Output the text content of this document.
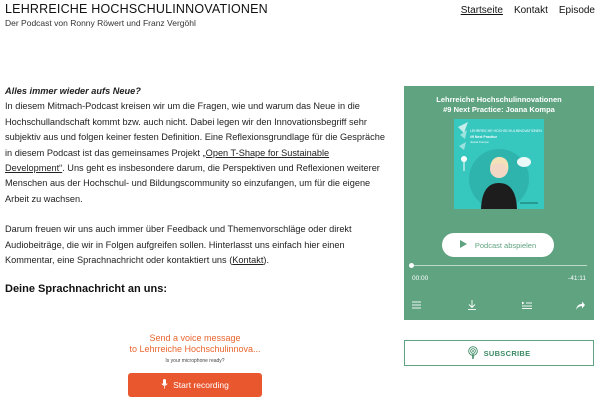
LEHRREICHE HOCHSCHULINNOVATIONEN
Der Podcast von Ronny Röwert und Franz Vergöhl
Startseite Kontakt Episode
Alles immer wieder aufs Neue?

In diesem Mitmach-Podcast kreisen wir um die Fragen, wie und warum das Neue in die Hochschullandschaft kommt bzw. auch nicht. Dabei legen wir den Innovationsbegriff sehr subjektiv aus und folgen keiner festen Definition. Eine Reflexionsgrundlage für die Gespräche in diesem Podcast ist das gemeinsames Projekt „Open T-Shape for Sustainable Development“. Uns geht es insbesondere darum, die Perspektiven und Reflexionen weiterer Menschen aus der Hochschul- und Bildungscommunity so einzufangen, um für die eigene Arbeit zu wachsen.

Darum freuen wir uns auch immer über Feedback und Themenvorschläge oder direkt Audiobeiträge, die wir in Folgen aufgreifen sollen. Hinterlasst uns einfach hier einen Kommentar, eine Sprachnachricht oder kontaktiert uns (Kontakt).

Deine Sprachnachricht an uns:
Send a voice message
to Lehrreiche Hochschulinnova...
Is your microphone ready?
Start recording
Lehrreiche Hochschulinnovationen
#9 Next Practice: Joana Kompa
LEHRREICHE HOCHSCHULINNOVATIONEN
#9 Next Practice
Joana Kompa
Podcast abspielen
00:00	-41:11
SUBSCRIBE
